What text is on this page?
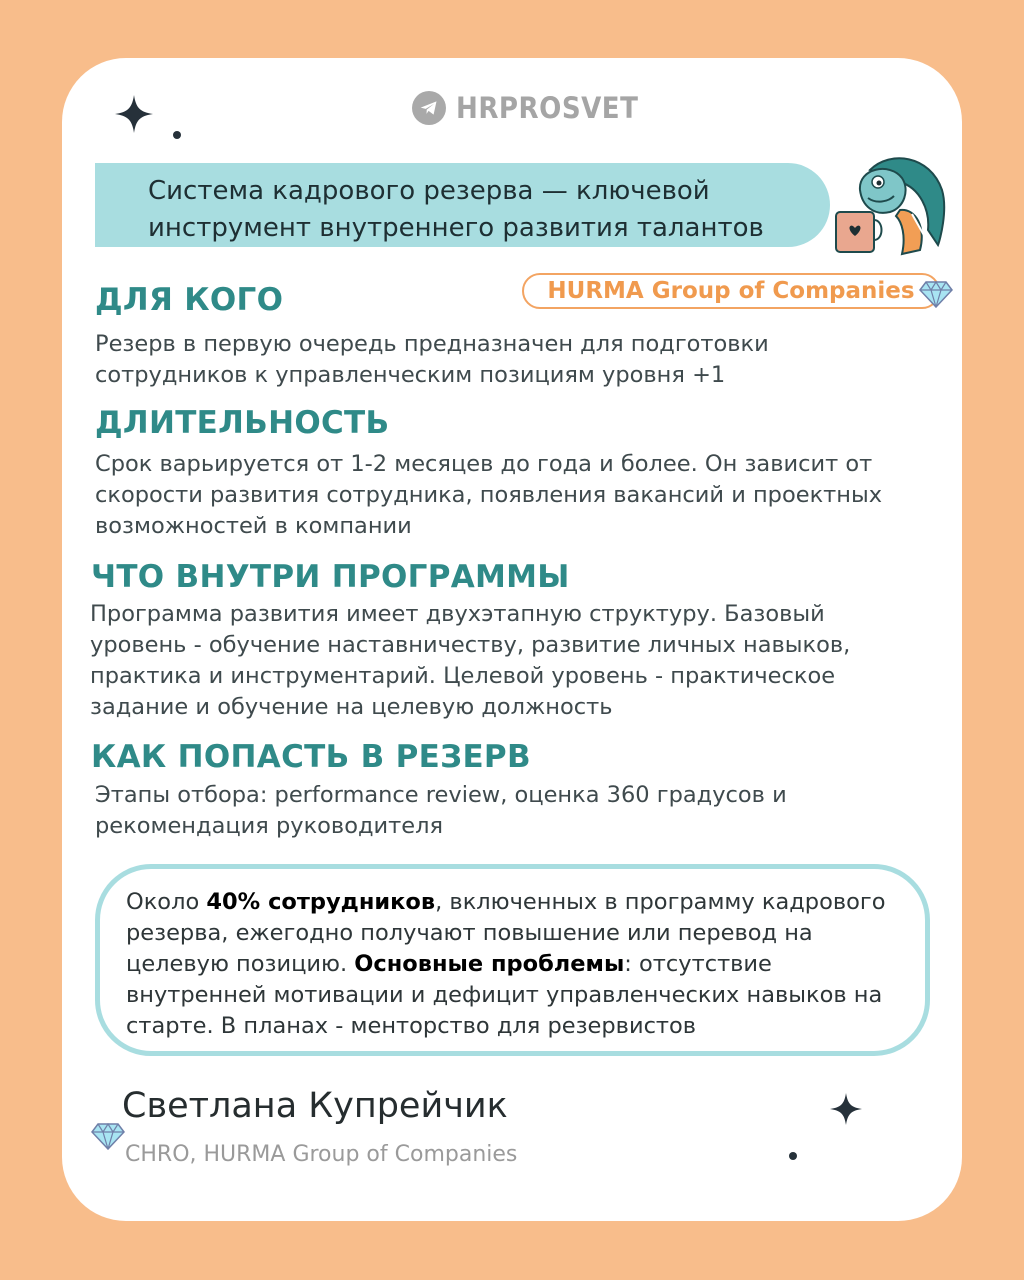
HRPROSVET
Система кадрового резерва — ключевой
инструмент внутреннего развития талантов
HURMA Group of Companies
ДЛЯ КОГО

Резерв в первую очередь предназначен для подготовки
сотрудников к управленческим позициям уровня +1

ДЛИТЕЛЬНОСТЬ

Срок варьируется от 1-2 месяцев до года и более. Он зависит от
скорости развития сотрудника, появления вакансий и проектных
возможностей в компании

ЧТО ВНУТРИ ПРОГРАММЫ

Программа развития имеет двухэтапную структуру. Базовый
уровень - обучение наставничеству, развитие личных навыков,
практика и инструментарий. Целевой уровень - практическое
задание и обучение на целевую должность

КАК ПОПАСТЬ В РЕЗЕРВ

Этапы отбора: performance review, оценка 360 градусов и
рекомендация руководителя

Около 40% сотрудников, включенных в программу кадрового
резерва, ежегодно получают повышение или перевод на
целевую позицию. Основные проблемы: отсутствие
внутренней мотивации и дефицит управленческих навыков на
старте. В планах - менторство для резервистов

Светлана Купрейчик

CHRO, HURMA Group of Companies
